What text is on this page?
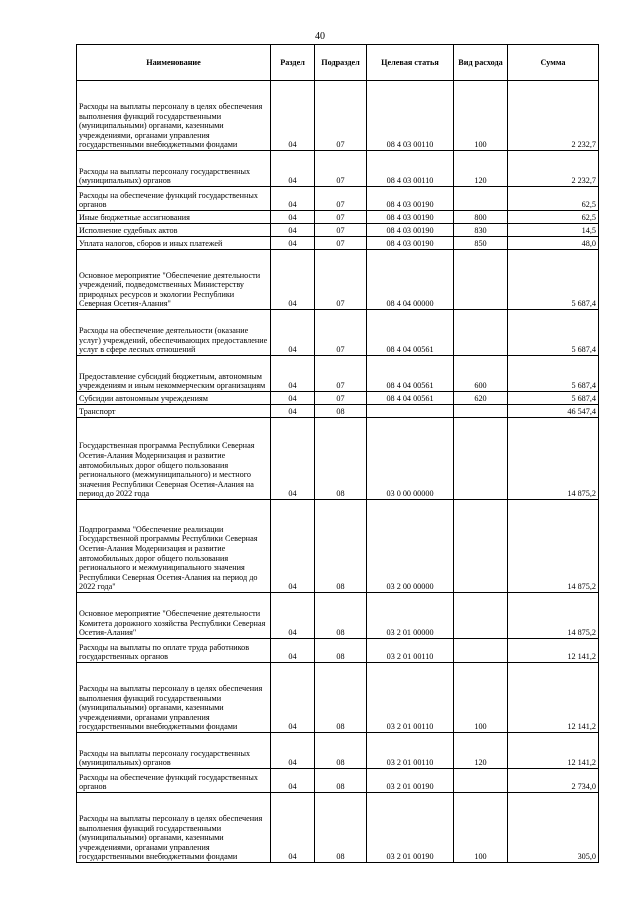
40
Наименование	Раздел	Подраздел	Целевая статья	Вид расхода	Сумма
Расходы на выплаты персоналу в целях обеспечения выполнения функций государственными (муниципальными) органами, казенными учреждениями, органами управления государственными внебюджетными фондами	04	07	08 4 03 00110	100	2 232,7
Расходы на выплаты персоналу государственных (муниципальных) органов	04	07	08 4 03 00110	120	2 232,7
Расходы на обеспечение функций государственных органов	04	07	08 4 03 00190		62,5
Иные бюджетные ассигнования	04	07	08 4 03 00190	800	62,5
Исполнение судебных актов	04	07	08 4 03 00190	830	14,5
Уплата налогов, сборов и иных платежей	04	07	08 4 03 00190	850	48,0
Основное мероприятие "Обеспечение деятельности учреждений, подведомственных Министерству природных ресурсов и экологии Республики Северная Осетия-Алания"	04	07	08 4 04 00000		5 687,4
Расходы на обеспечение деятельности (оказание услуг) учреждений, обеспечивающих предоставление услуг в сфере лесных отношений	04	07	08 4 04 00561		5 687,4
Предоставление субсидий бюджетным, автономным учреждениям и иным некоммерческим организациям	04	07	08 4 04 00561	600	5 687,4
Субсидии автономным учреждениям	04	07	08 4 04 00561	620	5 687,4
Транспорт	04	08			46 547,4
Государственная программа Республики Северная Осетия-Алания Модернизация и развитие автомобильных дорог общего пользования регионального (межмуниципального) и местного значения Республики Северная Осетия-Алания на период до 2022 года	04	08	03 0 00 00000		14 875,2
Подпрограмма "Обеспечение реализации Государственной программы Республики Северная Осетия-Алания Модернизация и развитие автомобильных дорог общего пользования регионального и межмуниципального значения Республики Северная Осетия-Алания на период до 2022 года"	04	08	03 2 00 00000		14 875,2
Основное мероприятие "Обеспечение деятельности Комитета дорожного хозяйства Республики Северная Осетия-Алания"	04	08	03 2 01 00000		14 875,2
Расходы на выплаты по оплате труда работников государственных органов	04	08	03 2 01 00110		12 141,2
Расходы на выплаты персоналу в целях обеспечения выполнения функций государственными (муниципальными) органами, казенными учреждениями, органами управления государственными внебюджетными фондами	04	08	03 2 01 00110	100	12 141,2
Расходы на выплаты персоналу государственных (муниципальных) органов	04	08	03 2 01 00110	120	12 141,2
Расходы на обеспечение функций государственных органов	04	08	03 2 01 00190		2 734,0
Расходы на выплаты персоналу в целях обеспечения выполнения функций государственными (муниципальными) органами, казенными учреждениями, органами управления государственными внебюджетными фондами	04	08	03 2 01 00190	100	305,0
